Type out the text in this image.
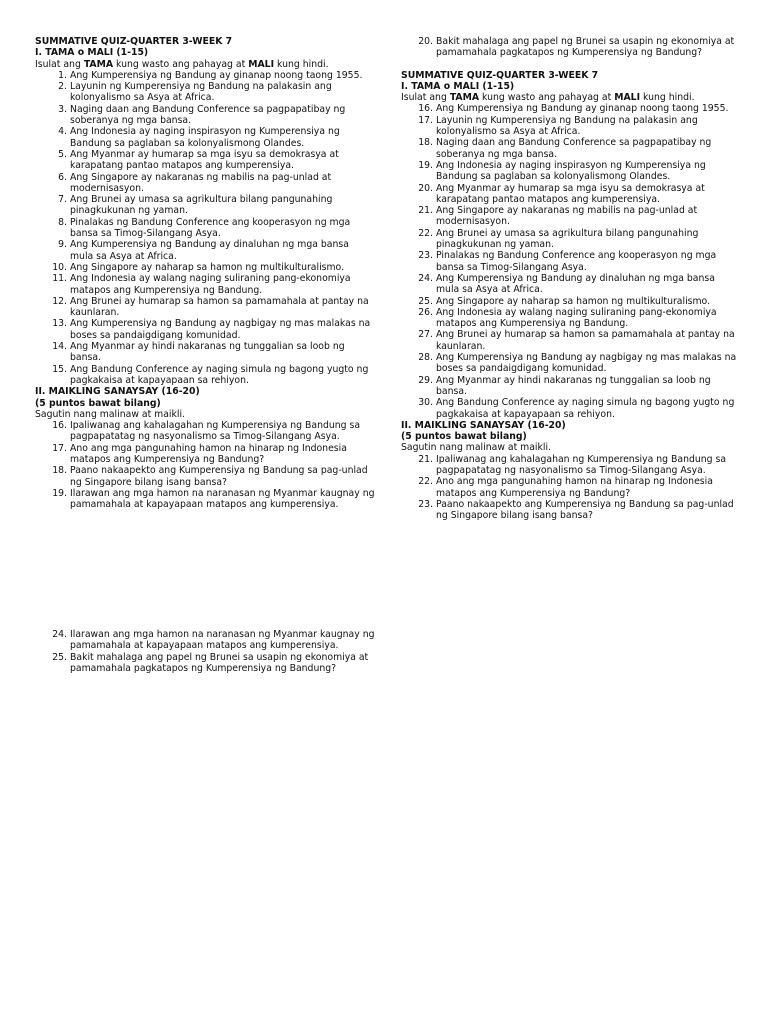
SUMMATIVE QUIZ-QUARTER 3-WEEK 7
I. TAMA o MALI (1-15)
Isulat ang TAMA kung wasto ang pahayag at MALI kung hindi.
1. Ang Kumperensiya ng Bandung ay ginanap noong taong 1955.
2. Layunin ng Kumperensiya ng Bandung na palakasin ang kolonyalismo sa Asya at Africa.
3. Naging daan ang Bandung Conference sa pagpapatibay ng soberanya ng mga bansa.
4. Ang Indonesia ay naging inspirasyon ng Kumperensiya ng Bandung sa paglaban sa kolonyalismong Olandes.
5. Ang Myanmar ay humarap sa mga isyu sa demokrasya at karapatang pantao matapos ang kumperensiya.
6. Ang Singapore ay nakaranas ng mabilis na pag-unlad at modernisasyon.
7. Ang Brunei ay umasa sa agrikultura bilang pangunahing pinagkukunan ng yaman.
8. Pinalakas ng Bandung Conference ang kooperasyon ng mga bansa sa Timog-Silangang Asya.
9. Ang Kumperensiya ng Bandung ay dinaluhan ng mga bansa mula sa Asya at Africa.
10. Ang Singapore ay naharap sa hamon ng multikulturalismo.
11. Ang Indonesia ay walang naging suliraning pang-ekonomiya matapos ang Kumperensiya ng Bandung.
12. Ang Brunei ay humarap sa hamon sa pamamahala at pantay na kaunlaran.
13. Ang Kumperensiya ng Bandung ay nagbigay ng mas malakas na boses sa pandaigdigang komunidad.
14. Ang Myanmar ay hindi nakaranas ng tunggalian sa loob ng bansa.
15. Ang Bandung Conference ay naging simula ng bagong yugto ng pagkakaisa at kapayapaan sa rehiyon.
II. MAIKLING SANAYSAY (16-20)
(5 puntos bawat bilang)
Sagutin nang malinaw at maikli.
16. Ipaliwanag ang kahalagahan ng Kumperensiya ng Bandung sa pagpapatatag ng nasyonalismo sa Timog-Silangang Asya.
17. Ano ang mga pangunahing hamon na hinarap ng Indonesia matapos ang Kumperensiya ng Bandung?
18. Paano nakaapekto ang Kumperensiya ng Bandung sa pag-unlad ng Singapore bilang isang bansa?
19. Ilarawan ang mga hamon na naranasan ng Myanmar kaugnay ng pamamahala at kapayapaan matapos ang kumperensiya.
24. Ilarawan ang mga hamon na naranasan ng Myanmar kaugnay ng pamamahala at kapayapaan matapos ang kumperensiya.
25. Bakit mahalaga ang papel ng Brunei sa usapin ng ekonomiya at pamamahala pagkatapos ng Kumperensiya ng Bandung?
20. Bakit mahalaga ang papel ng Brunei sa usapin ng ekonomiya at pamamahala pagkatapos ng Kumperensiya ng Bandung?
SUMMATIVE QUIZ-QUARTER 3-WEEK 7
I. TAMA o MALI (1-15)
Isulat ang TAMA kung wasto ang pahayag at MALI kung hindi.
16. Ang Kumperensiya ng Bandung ay ginanap noong taong 1955.
17. Layunin ng Kumperensiya ng Bandung na palakasin ang kolonyalismo sa Asya at Africa.
18. Naging daan ang Bandung Conference sa pagpapatibay ng soberanya ng mga bansa.
19. Ang Indonesia ay naging inspirasyon ng Kumperensiya ng Bandung sa paglaban sa kolonyalismong Olandes.
20. Ang Myanmar ay humarap sa mga isyu sa demokrasya at karapatang pantao matapos ang kumperensiya.
21. Ang Singapore ay nakaranas ng mabilis na pag-unlad at modernisasyon.
22. Ang Brunei ay umasa sa agrikultura bilang pangunahing pinagkukunan ng yaman.
23. Pinalakas ng Bandung Conference ang kooperasyon ng mga bansa sa Timog-Silangang Asya.
24. Ang Kumperensiya ng Bandung ay dinaluhan ng mga bansa mula sa Asya at Africa.
25. Ang Singapore ay naharap sa hamon ng multikulturalismo.
26. Ang Indonesia ay walang naging suliraning pang-ekonomiya matapos ang Kumperensiya ng Bandung.
27. Ang Brunei ay humarap sa hamon sa pamamahala at pantay na kaunlaran.
28. Ang Kumperensiya ng Bandung ay nagbigay ng mas malakas na boses sa pandaigdigang komunidad.
29. Ang Myanmar ay hindi nakaranas ng tunggalian sa loob ng bansa.
30. Ang Bandung Conference ay naging simula ng bagong yugto ng pagkakaisa at kapayapaan sa rehiyon.
II. MAIKLING SANAYSAY (16-20)
(5 puntos bawat bilang)
Sagutin nang malinaw at maikli.
21. Ipaliwanag ang kahalagahan ng Kumperensiya ng Bandung sa pagpapatatag ng nasyonalismo sa Timog-Silangang Asya.
22. Ano ang mga pangunahing hamon na hinarap ng Indonesia matapos ang Kumperensiya ng Bandung?
23. Paano nakaapekto ang Kumperensiya ng Bandung sa pag-unlad ng Singapore bilang isang bansa?
